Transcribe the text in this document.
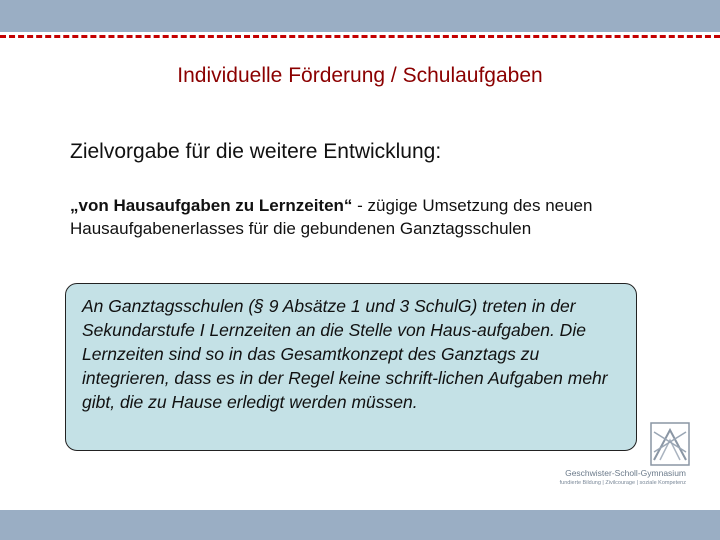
Individuelle Förderung / Schulaufgaben
Zielvorgabe für die weitere Entwicklung:
„von Hausaufgaben zu Lernzeiten“ - zügige Umsetzung des neuen Hausaufgabenerlasses für die gebundenen Ganztagsschulen
An Ganztagsschulen (§ 9 Absätze 1 und 3 SchulG) treten in der Sekundarstufe I Lernzeiten an die Stelle von Haus-aufgaben. Die Lernzeiten sind so in das Gesamtkonzept des Ganztags zu integrieren, dass es in der Regel keine schrift-lichen Aufgaben mehr gibt, die zu Hause erledigt werden müssen.
Geschwister-Scholl-Gymnasium
fundierte Bildung | Zivilcourage | soziale Kompetenz
